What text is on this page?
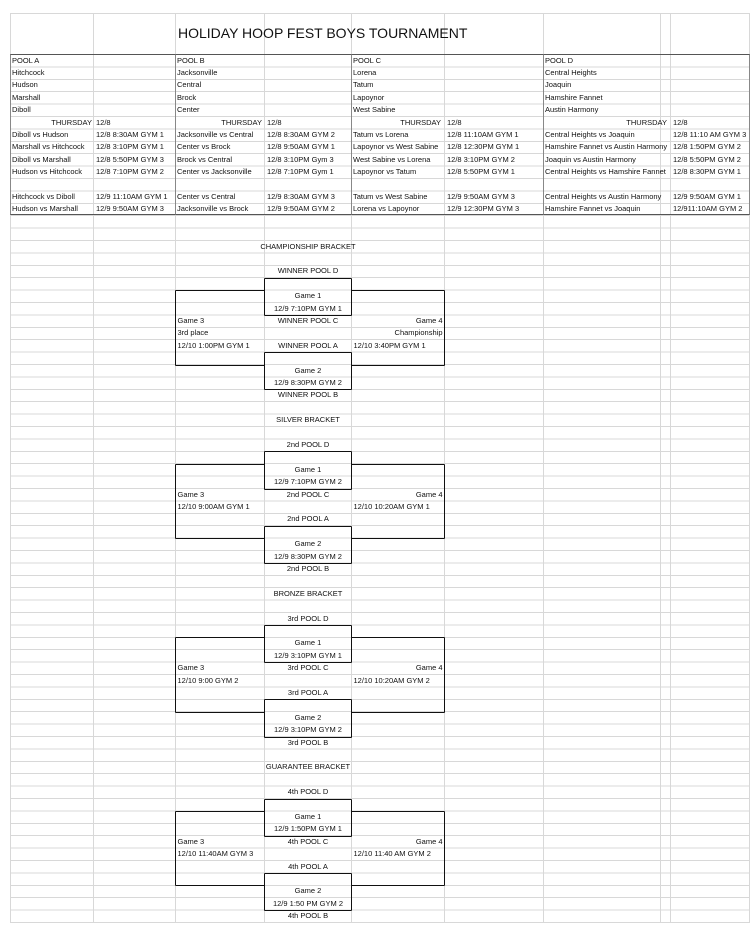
HOLIDAY HOOP FEST BOYS TOURNAMENT
POOL A
Hitchcock
Hudson
Marshall
Diboll
THURSDAY 12/8
Diboll vs Hudson	12/8 8:30AM GYM 1
Marshall vs Hitchcock 12/8 3:10PM GYM 1
Diboll vs Marshall	12/8 5:50PM GYM 3
Hudson vs Hitchcock 12/8 7:10PM GYM 2
Hitchcock vs Diboll	12/9 11:10AM GYM 1
Hudson vs Marshall 12/9 9:50AM GYM 3
POOL B
Jacksonville
Central
Brock
Center
THURSDAY 12/8
Jacksonville vs Central 12/8 8:30AM GYM 2
Center vs Brock	12/8 9:50AM GYM 1
Brock vs Central	12/8 3:10PM Gym 3
Center vs Jacksonville 12/8 7:10PM Gym 1
Center vs Central	12/9 8:30AM GYM 3
Jacksonville vs Brock 12/9 9:50AM GYM 2
POOL C
Lorena
Tatum
Lapoynor
West Sabine
THURSDAY 12/8
Tatum vs Lorena	12/8 11:10AM GYM 1
Lapoynor vs West Sabine 12/8 12:30PM GYM 1
West Sabine vs Lorena 12/8 3:10PM GYM 2
Lapoynor vs Tatum	12/8 5:50PM GYM 1
Tatum vs West Sabine	12/9 9:50AM GYM 3
Lorena vs Lapoynor	12/9 12:30PM GYM 3
POOL D
Central Heights
Joaquin
Hamshire Fannet
Austin Harmony
THURSDAY 12/8
Central Heights vs Joaquin	12/8 11:10 AM GYM 3
Hamshire Fannet vs Austin Harmony 12/8 1:50PM GYM 2
Joaquin vs Austin Harmony	12/8 5:50PM GYM 2
Central Heights vs Hamshire Fannet 12/8 8:30PM GYM 1
Central Heights vs Austin Harmony 12/9 9:50AM GYM 1
Hamshire Fannet vs Joaquin	12/911:10AM GYM 2
CHAMPIONSHIP BRACKET
WINNER POOL D
Game 1
12/9 7:10PM GYM 1
WINNER POOL C
WINNER POOL A
Game 2
12/9 8:30PM GYM 2
WINNER POOL B
Game 3
3rd place
12/10 1:00PM GYM 1
Game 4
Championship
12/10 3:40PM GYM 1
SILVER BRACKET
2nd POOL D
Game 1
12/9 7:10PM GYM 2
2nd POOL C
2nd POOL A
Game 2
12/9 8:30PM GYM 2
2nd POOL B
Game 3
12/10 9:00AM GYM 1
Game 4
12/10 10:20AM GYM 1
BRONZE BRACKET
3rd POOL D
Game 1
12/9 3:10PM GYM 1
3rd POOL C
3rd POOL A
Game 2
12/9 3:10PM GYM 2
3rd POOL B
Game 3
12/10 9:00 GYM 2
Game 4
12/10 10:20AM GYM 2
GUARANTEE BRACKET
4th POOL D
Game 1
12/9 1:50PM GYM 1
4th POOL C
4th POOL A
Game 2
12/9 1:50 PM GYM 2
4th POOL B
Game 3
12/10 11:40AM GYM 3
Game 4
12/10 11:40 AM GYM 2
